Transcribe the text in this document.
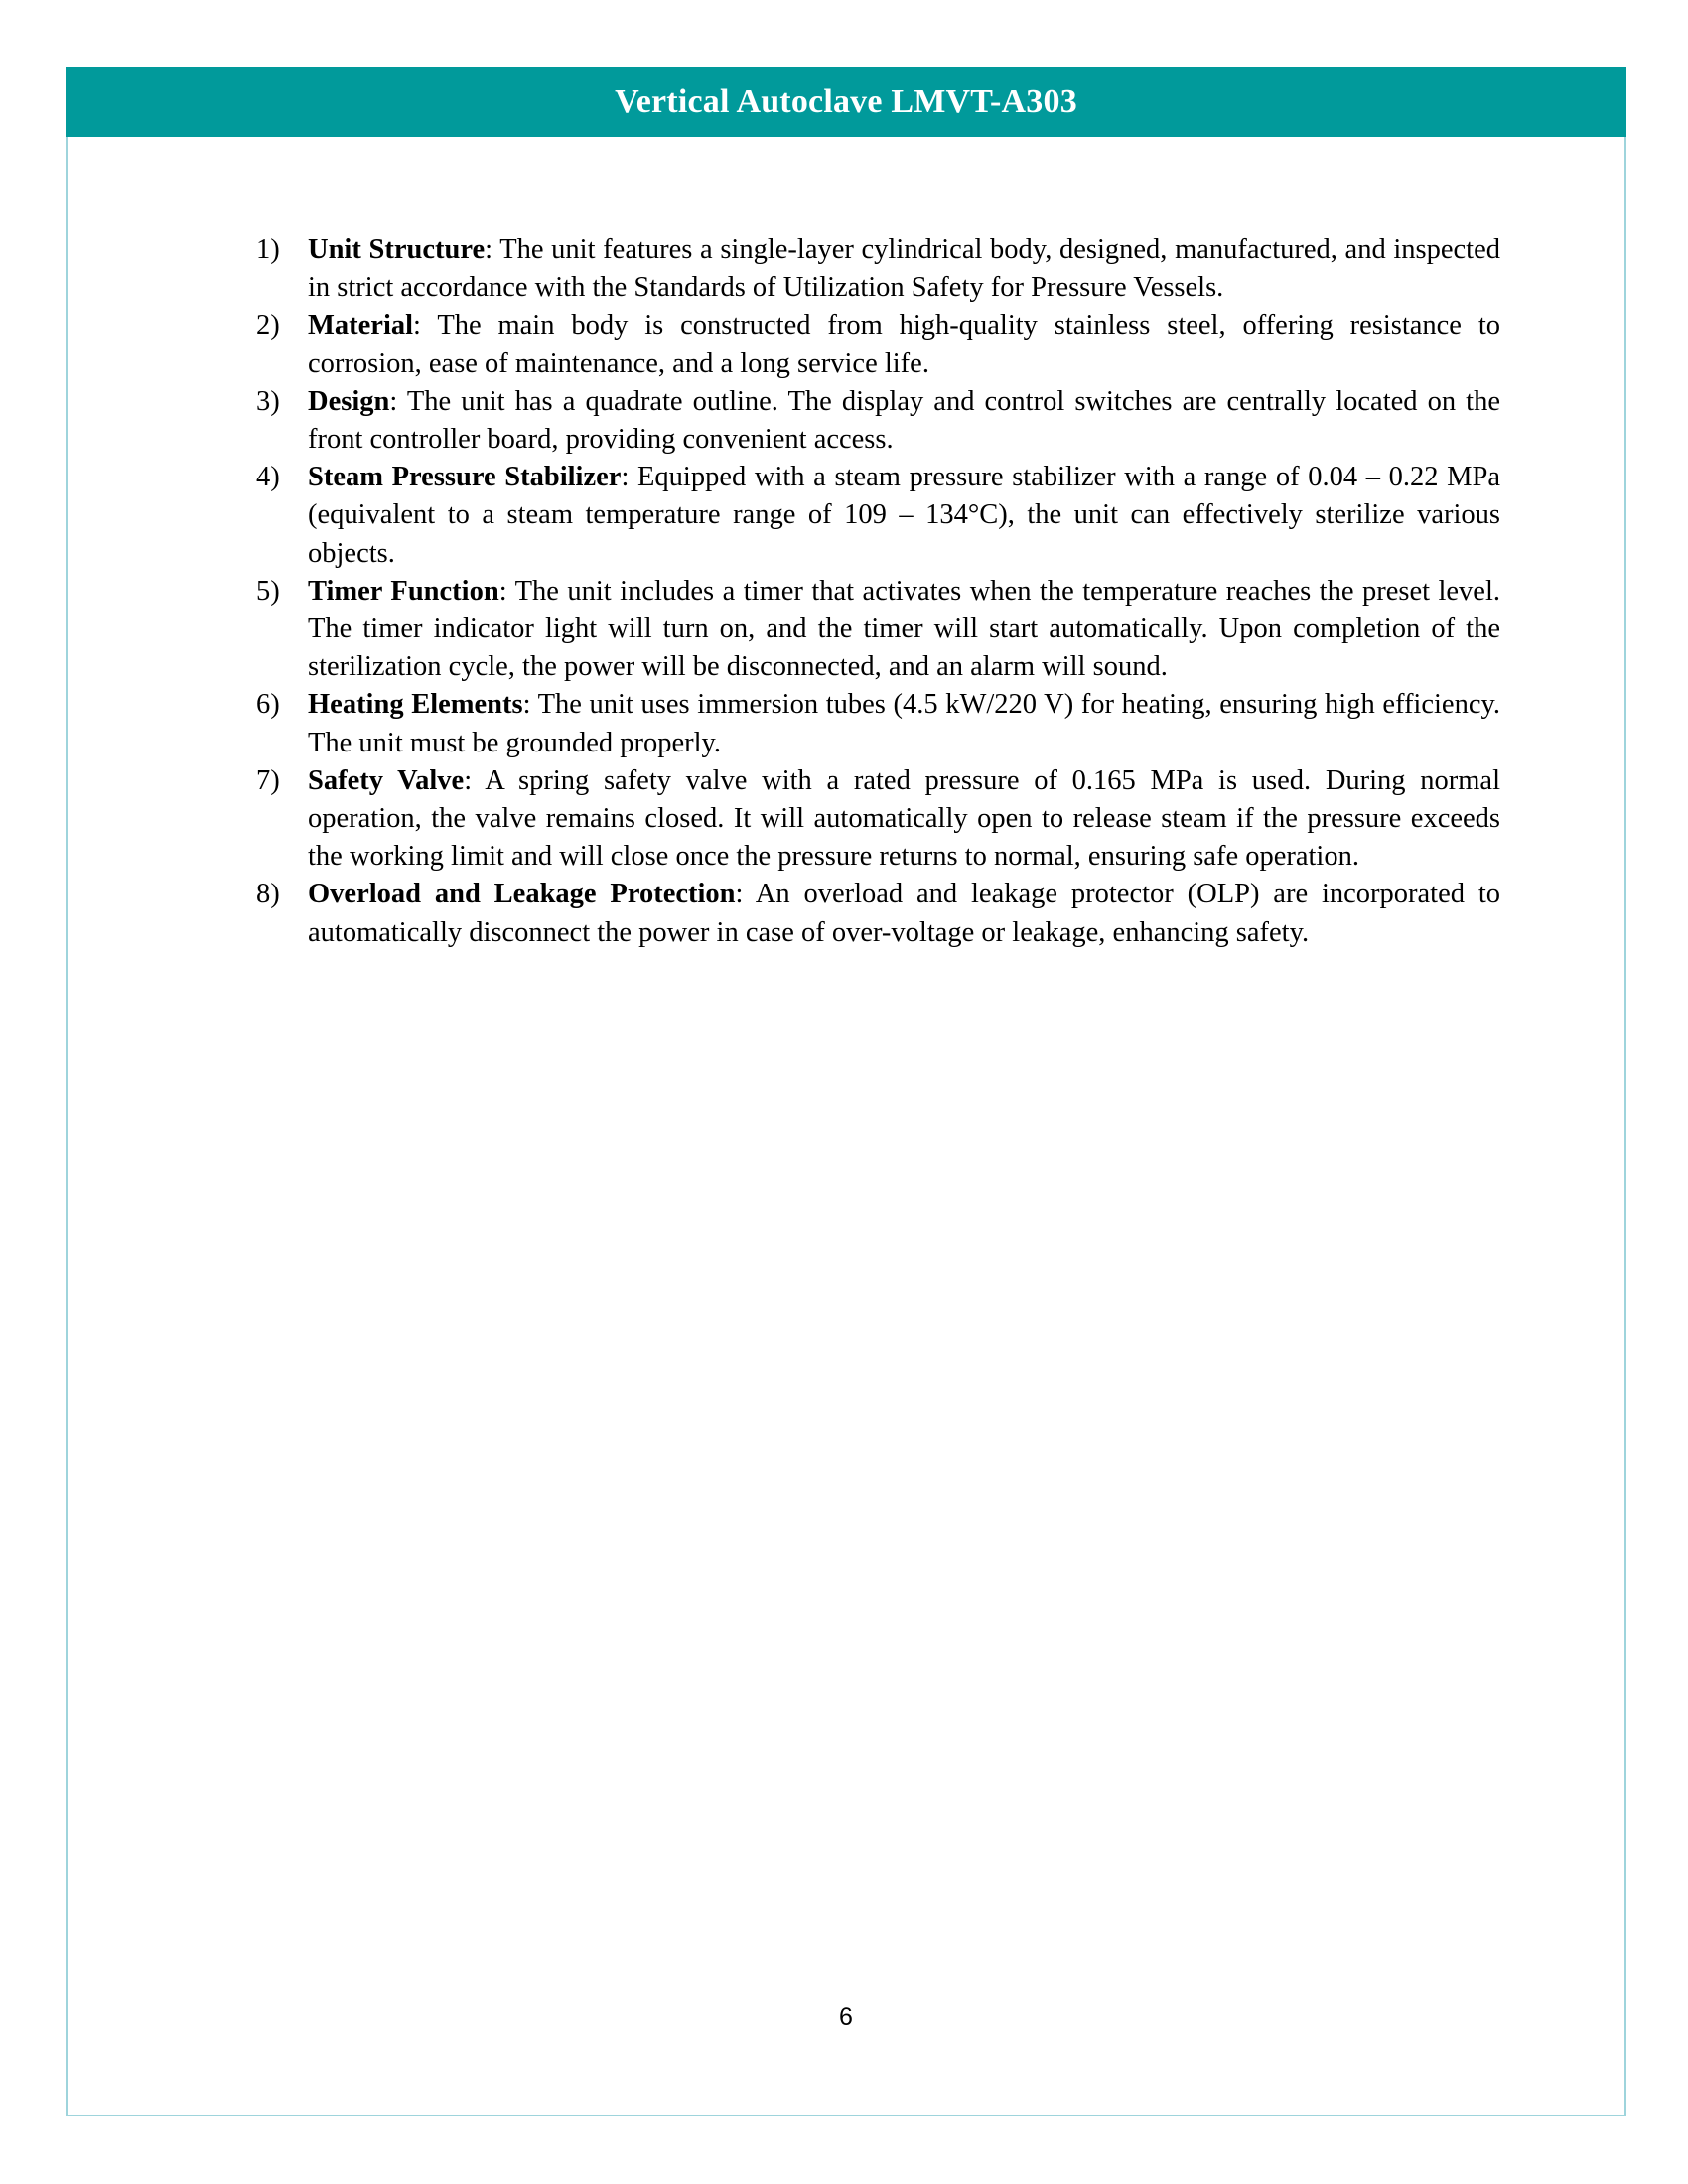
Vertical Autoclave LMVT-A303
1) Unit Structure: The unit features a single-layer cylindrical body, designed, manufactured, and inspected in strict accordance with the Standards of Utilization Safety for Pressure Vessels.
2) Material: The main body is constructed from high-quality stainless steel, offering resistance to corrosion, ease of maintenance, and a long service life.
3) Design: The unit has a quadrate outline. The display and control switches are centrally located on the front controller board, providing convenient access.
4) Steam Pressure Stabilizer: Equipped with a steam pressure stabilizer with a range of 0.04 – 0.22 MPa (equivalent to a steam temperature range of 109 – 134°C), the unit can effectively sterilize various objects.
5) Timer Function: The unit includes a timer that activates when the temperature reaches the preset level. The timer indicator light will turn on, and the timer will start automatically. Upon completion of the sterilization cycle, the power will be disconnected, and an alarm will sound.
6) Heating Elements: The unit uses immersion tubes (4.5 kW/220 V) for heating, ensuring high efficiency. The unit must be grounded properly.
7) Safety Valve: A spring safety valve with a rated pressure of 0.165 MPa is used. During normal operation, the valve remains closed. It will automatically open to release steam if the pressure exceeds the working limit and will close once the pressure returns to normal, ensuring safe operation.
8) Overload and Leakage Protection: An overload and leakage protector (OLP) are incorporated to automatically disconnect the power in case of over-voltage or leakage, enhancing safety.
6
